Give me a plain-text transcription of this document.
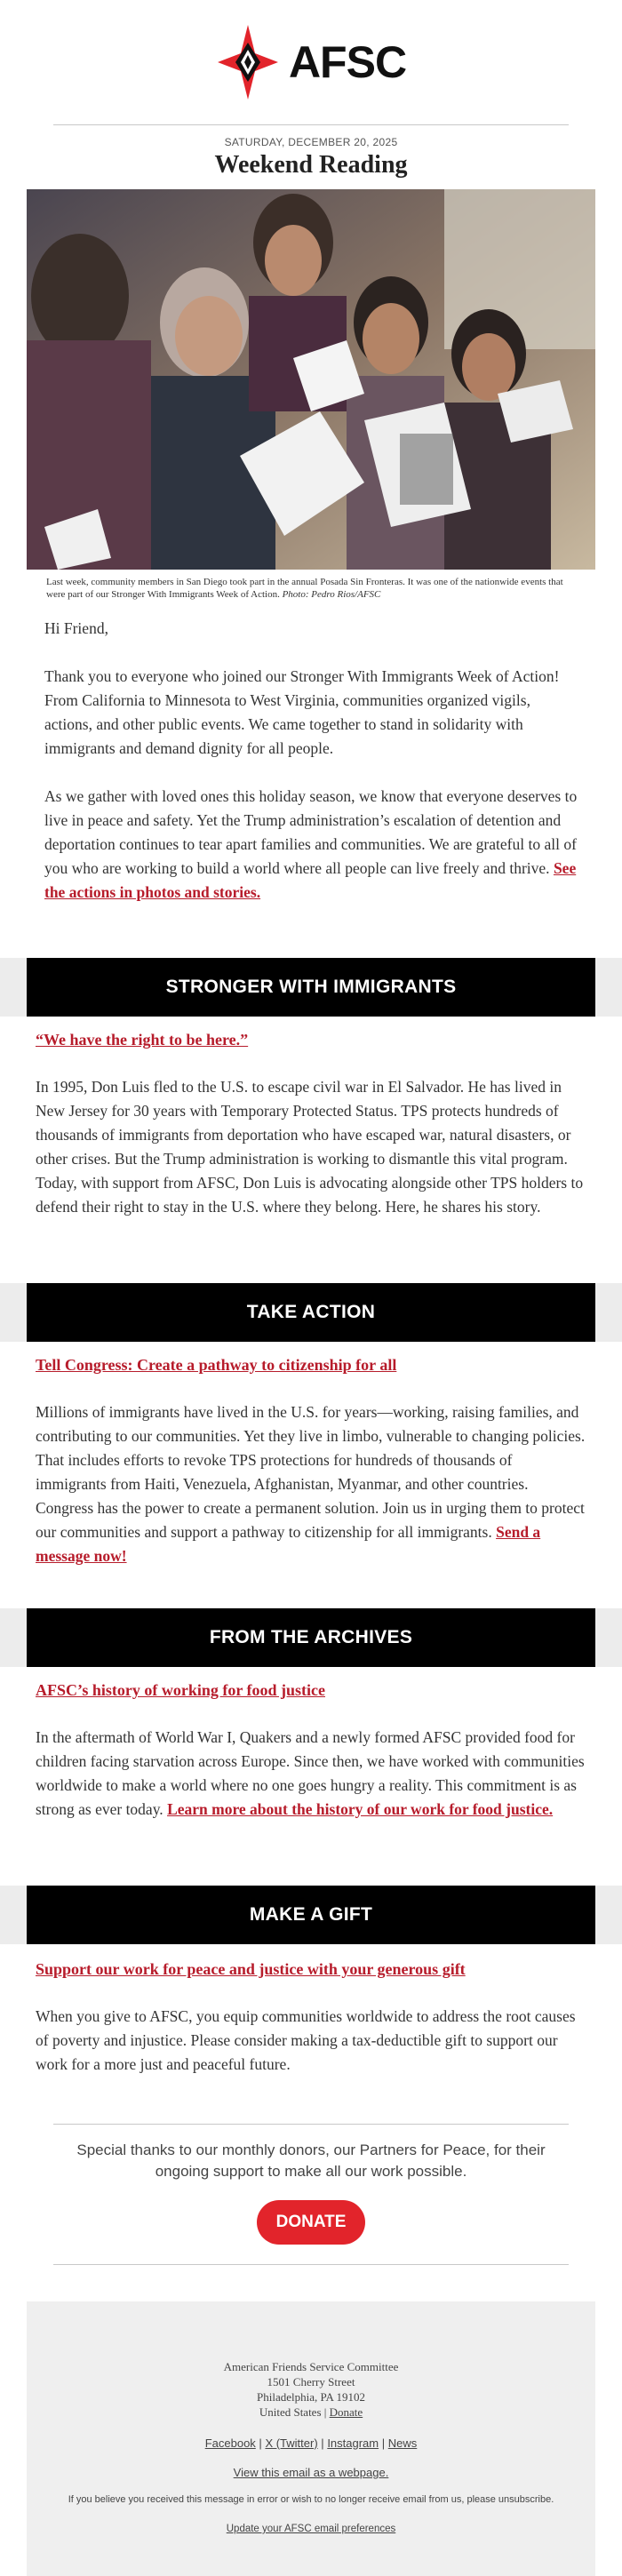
AFSC
SATURDAY, DECEMBER 20, 2025
Weekend Reading
Last week, community members in San Diego took part in the annual Posada Sin Fronteras. It was one of the nationwide events that were part of our Stronger With Immigrants Week of Action. Photo: Pedro Rios/AFSC

Hi Friend,

Thank you to everyone who joined our Stronger With Immigrants Week of Action! From California to Minnesota to West Virginia, communities organized vigils, actions, and other public events. We came together to stand in solidarity with immigrants and demand dignity for all people.

As we gather with loved ones this holiday season, we know that everyone deserves to live in peace and safety. Yet the Trump administration’s escalation of detention and deportation continues to tear apart families and communities. We are grateful to all of you who are working to build a world where all people can live freely and thrive. See the actions in photos and stories.

STRONGER WITH IMMIGRANTS
“We have the right to be here.”
In 1995, Don Luis fled to the U.S. to escape civil war in El Salvador. He has lived in New Jersey for 30 years with Temporary Protected Status. TPS protects hundreds of thousands of immigrants from deportation who have escaped war, natural disasters, or other crises. But the Trump administration is working to dismantle this vital program. Today, with support from AFSC, Don Luis is advocating alongside other TPS holders to defend their right to stay in the U.S. where they belong. Here, he shares his story.
TAKE ACTION
Tell Congress: Create a pathway to citizenship for all
Millions of immigrants have lived in the U.S. for years—working, raising families, and contributing to our communities. Yet they live in limbo, vulnerable to changing policies. That includes efforts to revoke TPS protections for hundreds of thousands of immigrants from Haiti, Venezuela, Afghanistan, Myanmar, and other countries. Congress has the power to create a permanent solution. Join us in urging them to protect our communities and support a pathway to citizenship for all immigrants. Send a message now!
FROM THE ARCHIVES
AFSC’s history of working for food justice
In the aftermath of World War I, Quakers and a newly formed AFSC provided food for children facing starvation across Europe. Since then, we have worked with communities worldwide to make a world where no one goes hungry a reality. This commitment is as strong as ever today. Learn more about the history of our work for food justice.
MAKE A GIFT
Support our work for peace and justice with your generous gift
When you give to AFSC, you equip communities worldwide to address the root causes of poverty and injustice. Please consider making a tax-deductible gift to support our work for a more just and peaceful future.
Special thanks to our monthly donors, our Partners for Peace, for their ongoing support to make all our work possible.
DONATE
American Friends Service Committee
1501 Cherry Street
Philadelphia, PA 19102
United States | Donate
Facebook | X (Twitter) | Instagram | News
View this email as a webpage.
If you believe you received this message in error or wish to no longer receive email from us, please unsubscribe.
Update your AFSC email preferences
